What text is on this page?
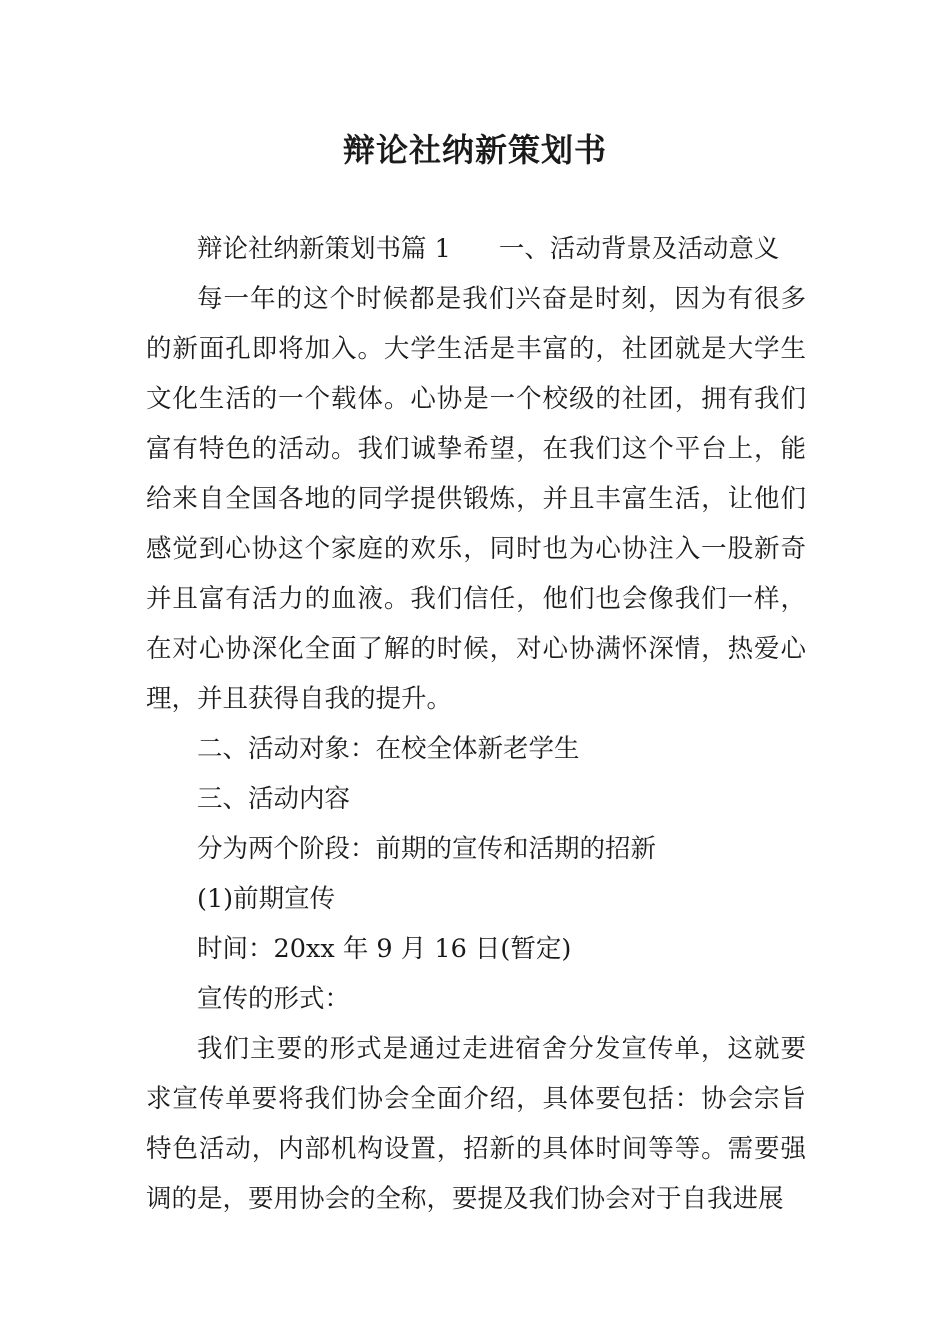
辩论社纳新策划书

辩论社纳新策划书篇 1 一、活动背景及活动意义

每一年的这个时候都是我们兴奋是时刻，因为有很多的新面孔即将加入。大学生活是丰富的，社团就是大学生文化生活的一个载体。心协是一个校级的社团，拥有我们富有特色的活动。我们诚挚希望，在我们这个平台上，能给来自全国各地的同学提供锻炼，并且丰富生活，让他们感觉到心协这个家庭的欢乐，同时也为心协注入一股新奇并且富有活力的血液。我们信任，他们也会像我们一样，在对心协深化全面了解的时候，对心协满怀深情，热爱心理，并且获得自我的提升。

二、活动对象：在校全体新老学生

三、活动内容

分为两个阶段：前期的宣传和活期的招新

(1)前期宣传

时间：20xx 年 9 月 16 日(暂定)

宣传的形式：

我们主要的形式是通过走进宿舍分发宣传单，这就要求宣传单要将我们协会全面介绍，具体要包括：协会宗旨特色活动，内部机构设置，招新的具体时间等等。需要强调的是，要用协会的全称，要提及我们协会对于自我进展
